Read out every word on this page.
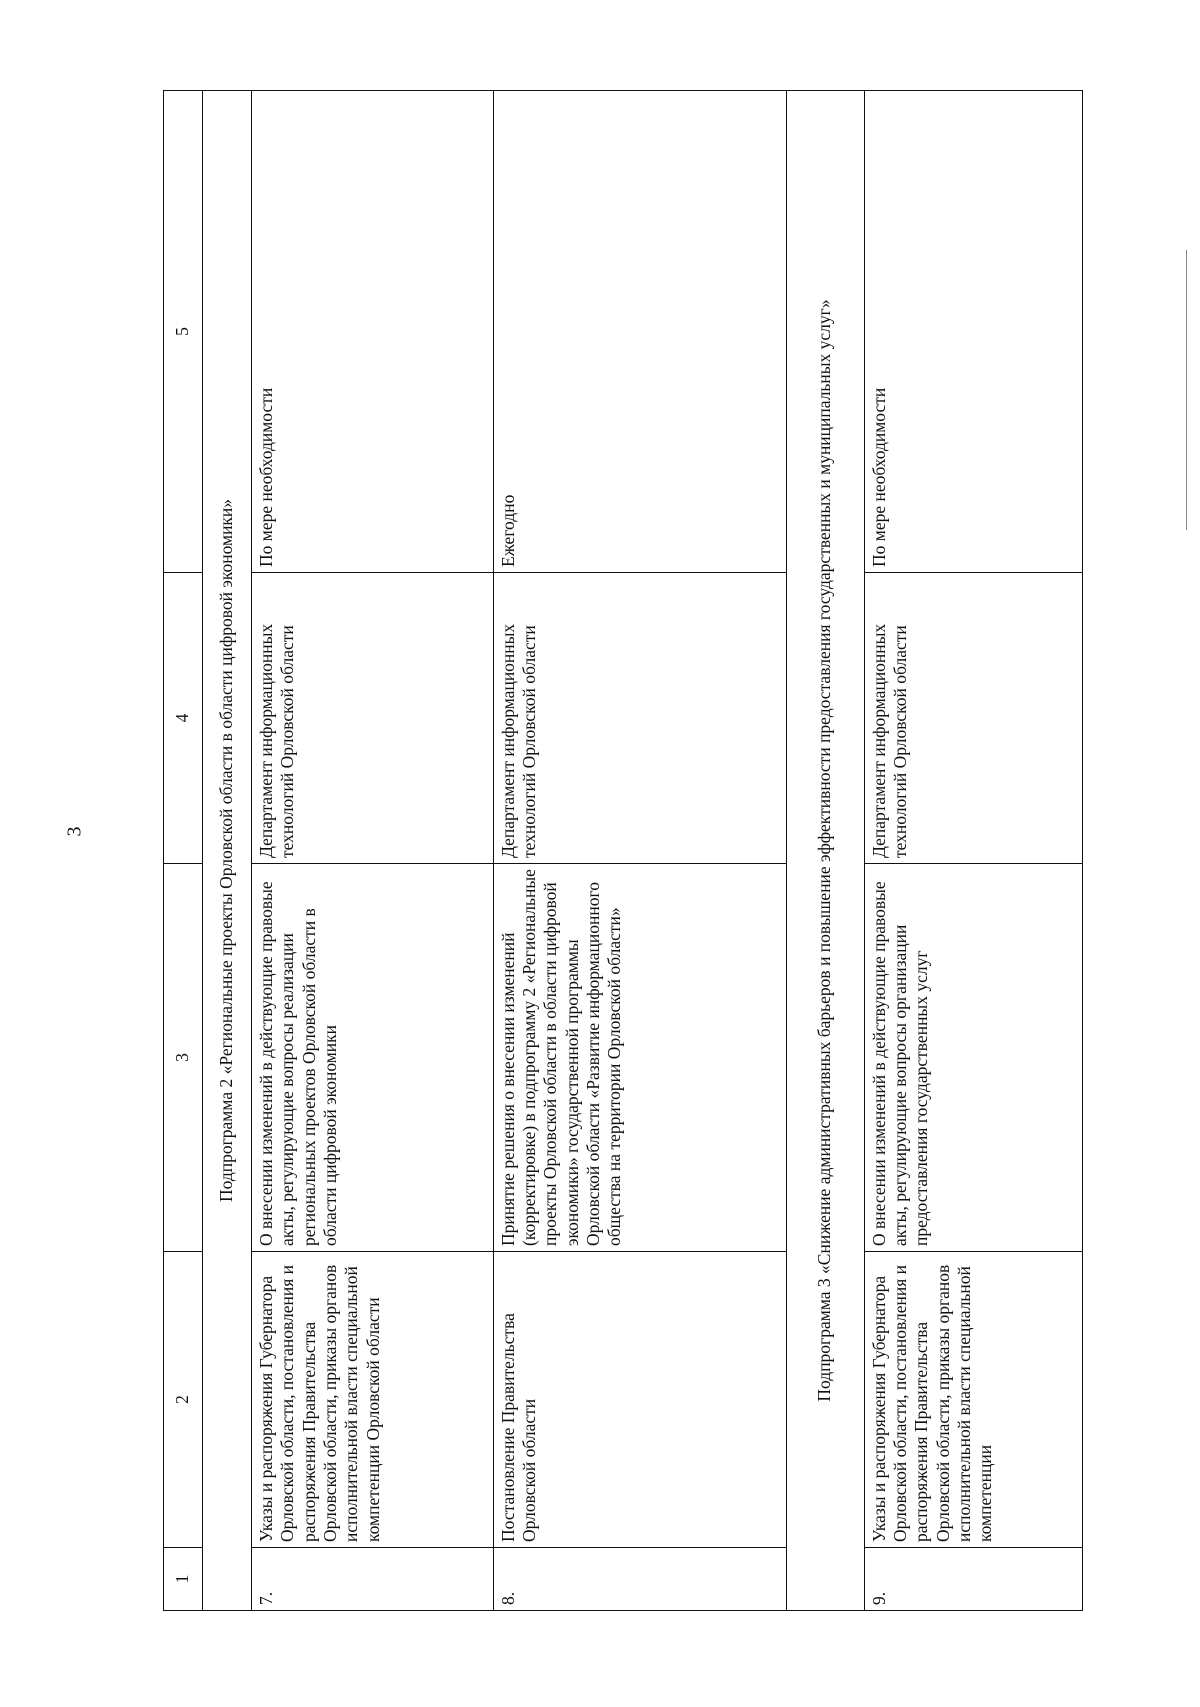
3
1	2	3	4	5
Подпрограмма 2 «Региональные проекты Орловской области в области цифровой экономики»				
7.	Указы и распоряжения Губернатора Орловской области, постановления и распоряжения Правительства Орловской области, приказы органов исполнительной власти специальной компетенции Орловской области	О внесении изменений в действующие правовые акты, регулирующие вопросы реализации региональных проектов Орловской области в области цифровой экономики	Департамент информационных технологий Орловской области	По мере необходимости
8.	Постановление Правительства Орловской области	Принятие решения о внесении изменений (корректировке) в подпрограмму 2 «Региональные проекты Орловской области в области цифровой экономики» государственной программы Орловской области «Развитие информационного общества на территории Орловской области»	Департамент информационных технологий Орловской области	Ежегодно
Подпрограмма 3 «Снижение административных барьеров и повышение эффективности предоставления государственных и муниципальных услуг»				
9.	Указы и распоряжения Губернатора Орловской области, постановления и распоряжения Правительства Орловской области, приказы органов исполнительной власти специальной компетенции	О внесении изменений в действующие правовые акты, регулирующие вопросы организации предоставления государственных услуг	Департамент информационных технологий Орловской области	По мере необходимости
